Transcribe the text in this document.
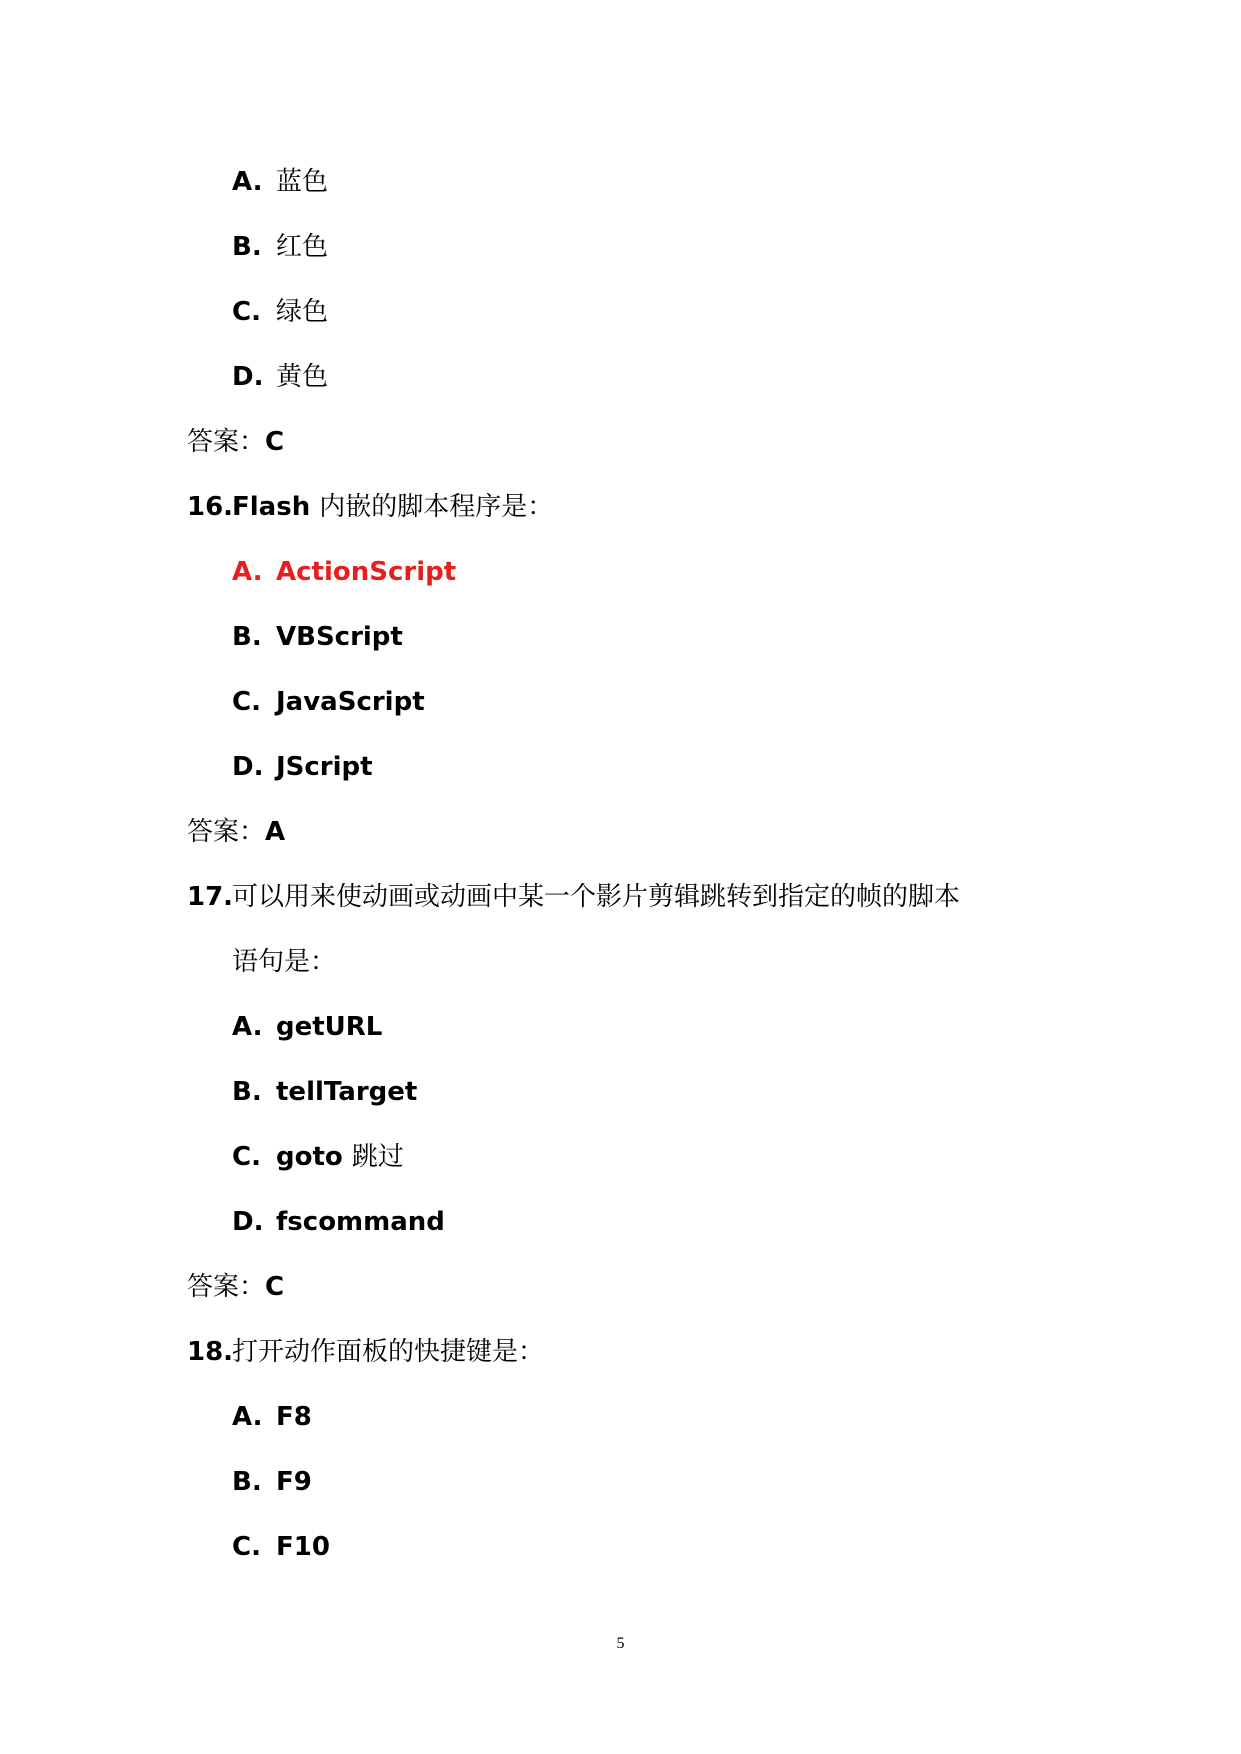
A. 蓝色
B. 红色
C. 绿色
D. 黄色
答案：C
16.Flash 内嵌的脚本程序是：
A. ActionScript
B. VBScript
C. JavaScript
D. JScript
答案：A
17.可以用来使动画或动画中某一个影片剪辑跳转到指定的帧的脚本
语句是：
A. getURL
B. tellTarget
C. goto 跳过
D. fscommand
答案：C
18.打开动作面板的快捷键是：
A. F8
B. F9
C. F10
5
